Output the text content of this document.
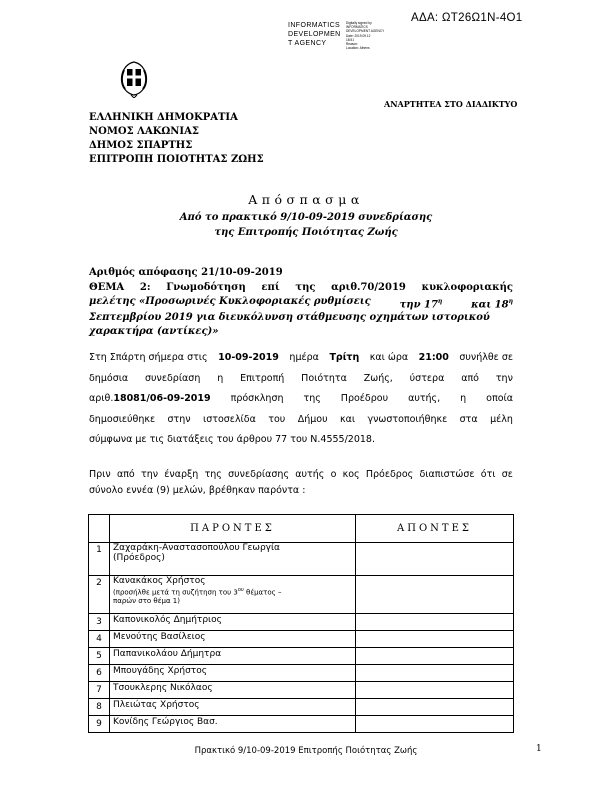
ΑΔΑ: ΩΤ26Ω1Ν-4Ο1
INFORMATICS
DEVELOPMEN
T AGENCY
Digitally signed by
INFORMATICS
DEVELOPMENT AGENCY
Date: 2019.09.12
18:51
Reason:
Location: Athens
ΑΝΑΡΤΗΤΕΑ ΣΤΟ ΔΙΑΔΙΚΤΥΟ
ΕΛΛΗΝΙΚΗ ΔΗΜΟΚΡΑΤΙΑ
ΝΟΜΟΣ ΛΑΚΩΝΙΑΣ
ΔΗΜΟΣ ΣΠΑΡΤΗΣ
ΕΠΙΤΡΟΠΗ ΠΟΙΟΤΗΤΑΣ ΖΩΗΣ
Απόσπασμα
Από το πρακτικό 9/10-09-2019 συνεδρίασης
της Επιτροπής Ποιότητας Ζωής
Αριθμός απόφασης 21/10-09-2019
ΘΕΜΑ 2: Γνωμοδότηση επί της αριθ.70/2019 κυκλοφοριακής
μελέτης «Προσωρινές Κυκλοφοριακές ρυθμίσεις	την $17^\eta$	και $18^\eta$
Σεπτεμβρίου 2019 για διευκόλυνση στάθμευσης οχημάτων ιστορικού
χαρακτήρα (αντίκες)»
Στη Σπάρτη σήμερα στις 10-09-2019 ημέρα Τρίτη και ώρα 21:00 συνήλθε σε
δημόσια συνεδρίαση η Επιτροπή Ποιότητα Ζωής, ύστερα από την
αριθ.18081/06-09-2019 πρόσκληση της Προέδρου αυτής, η οποία
δημοσιεύθηκε στην ιστοσελίδα του Δήμου και γνωστοποιήθηκε στα μέλη
σύμφωνα με τις διατάξεις του άρθρου 77 του Ν.4555/2018.
Πριν από την έναρξη της συνεδρίασης αυτής ο κος Πρόεδρος διαπιστώσε ότι σε
σύνολο εννέα (9) μελών, βρέθηκαν παρόντα :
	ΠΑΡΟΝΤΕΣ	ΑΠΟΝΤΕΣ
1	Ζαχαράκη-Αναστασοπούλου Γεωργία
(Πρόεδρος)	

2	Κανακάκος Χρήστος
(προσήλθε μετά τη συζήτηση του $3^{o\upsilon}$ θέματος –
παρών στο θέμα 1)	

3	Καπονικολός Δημήτριος	
4	Μενούτης Βασίλειος	
5	Παπανικολάου Δήμητρα	
6	Μπουγάδης Χρήστος	
7	Τσουκλερης Νικόλαος	
8	Πλειώτας Χρήστος	
9	Κονίδης Γεώργιος Βασ.	
Πρακτικό 9/10-09-2019 Επιτροπής Ποιότητας Ζωής	1
